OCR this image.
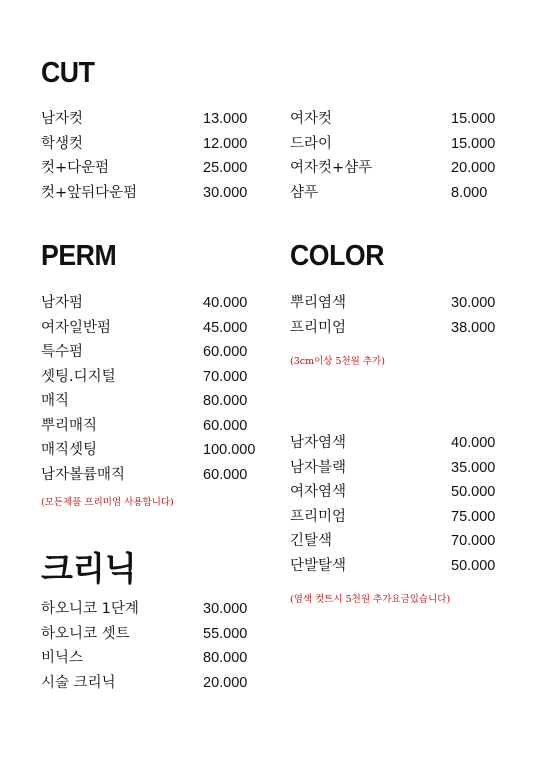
CUT
남자컷	13.000
학생컷	12.000
컷+다운펌	25.000
컷+앞뒤다운펌	30.000
여자컷	15.000
드라이	15.000
여자컷+샴푸	20.000
샴푸	8.000
PERM
남자펌	40.000
여자일반펌	45.000
특수펌	60.000
셋팅.디지털	70.000
매직	80.000
뿌리매직	60.000
매직셋팅	100.000
남자볼륨매직	60.000

(모든제품 프리미엄 사용합니다)

COLOR
뿌리염색	30.000
프리미엄	38.000

(3cm이상 5천원 추가)

남자염색	40.000
남자블랙	35.000
여자염색	50.000
프리미엄	75.000
긴탈색	70.000
단발탈색	50.000

(염색 컷트시 5천원 추가요금있습니다)

크리닉
하오니코 1단계	30.000
하오니코 셋트	55.000
비닉스	80.000
시술 크리닉	20.000
